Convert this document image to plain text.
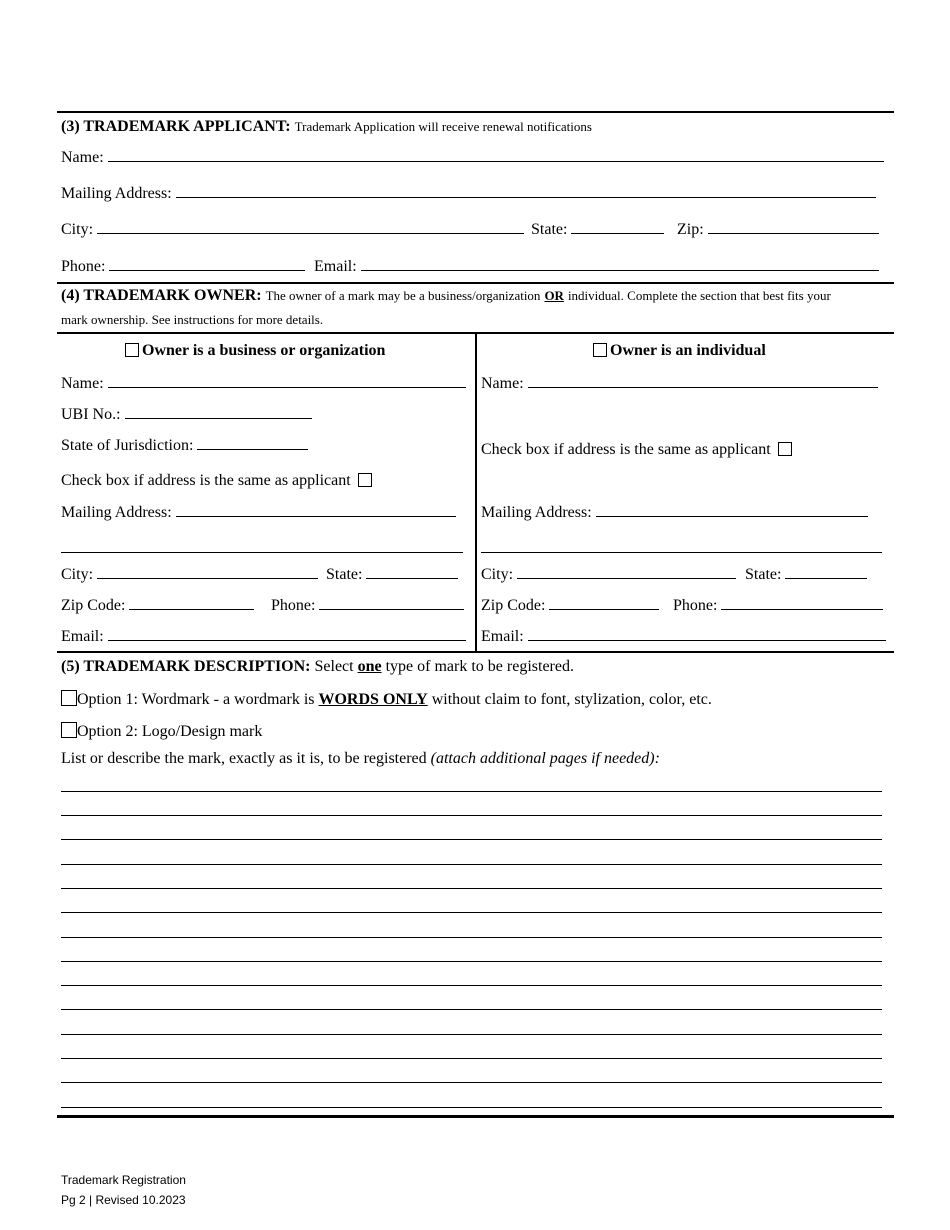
(3) TRADEMARK APPLICANT: Trademark Application will receive renewal notifications
Name:
Mailing Address:
City:	State:	Zip:
Phone:	Email:
(4) TRADEMARK OWNER: The owner of a mark may be a business/organization OR individual. Complete the section that best fits your
mark ownership. See instructions for more details.
Owner is a business or organization
Name:
UBI No.:
State of Jurisdiction:
Check box if address is the same as applicant
Mailing Address:
City:	State:
Zip Code:	Phone:
Email:
Owner is an individual
Name:
Check box if address is the same as applicant
Mailing Address:
City:	State:
Zip Code:	Phone:
Email:
(5) TRADEMARK DESCRIPTION: Select one type of mark to be registered.
Option 1: Wordmark - a wordmark is WORDS ONLY without claim to font, stylization, color, etc.
Option 2: Logo/Design mark
List or describe the mark, exactly as it is, to be registered (attach additional pages if needed):
Trademark Registration
Pg 2 | Revised 10.2023
